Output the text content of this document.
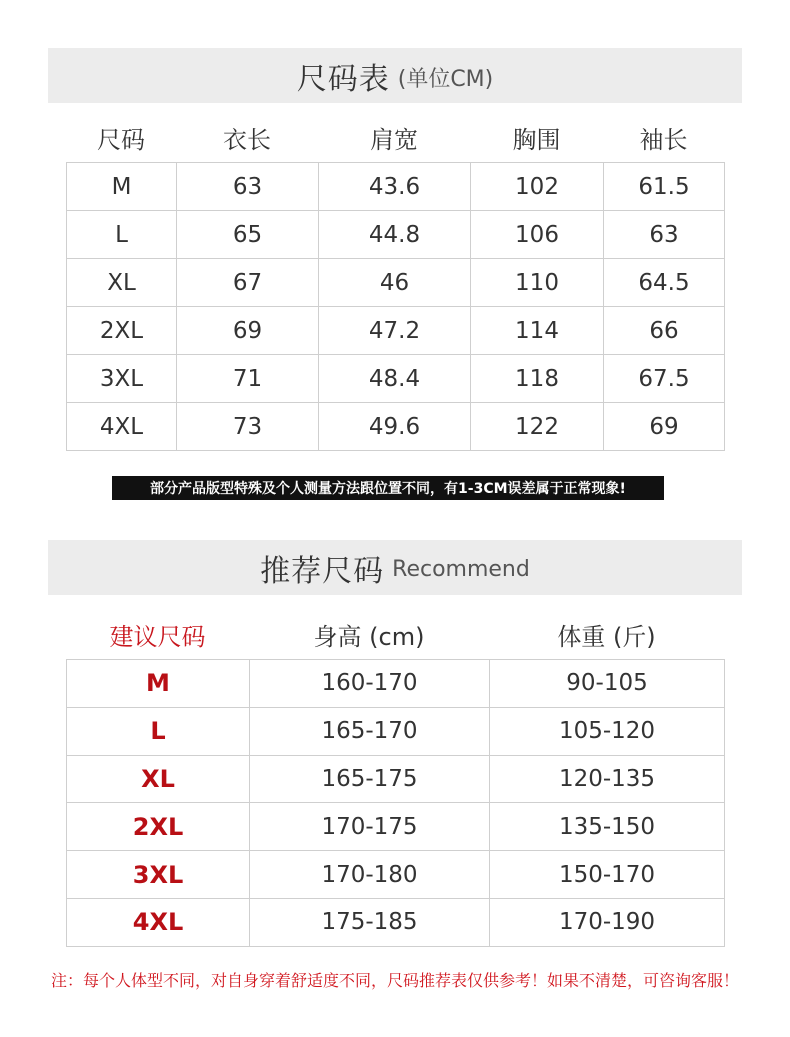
尺码表 (单位CM)
尺码	衣长	肩宽	胸围	袖长
M	63	43.6	102	61.5
L	65	44.8	106	63
XL	67	46	110	64.5
2XL	69	47.2	114	66
3XL	71	48.4	118	67.5
4XL	73	49.6	122	69
部分产品版型特殊及个人测量方法跟位置不同，有1-3CM误差属于正常现象!
推荐尺码 Recommend
建议尺码	身高 (cm)	体重 (斤)
M	160-170	90-105
L	165-170	105-120
XL	165-175	120-135
2XL	170-175	135-150
3XL	170-180	150-170
4XL	175-185	170-190
注：每个人体型不同，对自身穿着舒适度不同，尺码推荐表仅供参考！如果不清楚，可咨询客服！
